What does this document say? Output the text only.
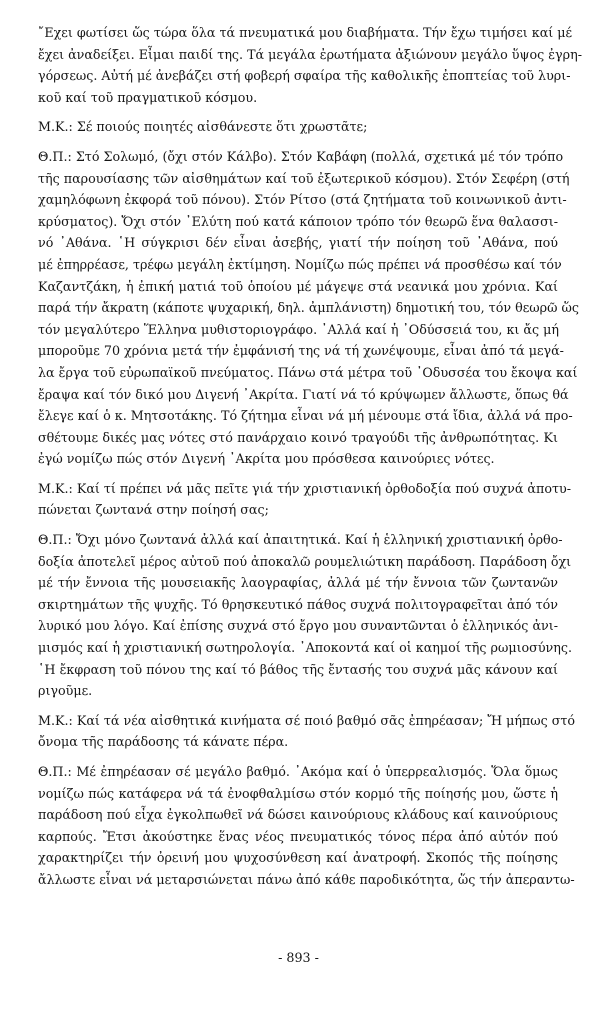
῎Εχει φωτίσει ὥς τώρα ὅλα τά πνευματικά μου διαβήματα. Τήν ἔχω τιμήσει καί μέ
ἔχει ἀναδείξει. Εἶμαι παιδί της. Τά μεγάλα ἐρωτήματα ἀξιώνουν μεγάλο ὕψος ἐγρη-
γόρσεως. Αὐτή μέ ἀνεβάζει στή φοβερή σφαίρα τῆς καθολικῆς ἐποπτείας τοῦ λυρι-
κοῦ καί τοῦ πραγματικοῦ κόσμου.
Μ.Κ.: Σέ ποιούς ποιητές αἰσθάνεστε ὅτι χρωστᾶτε;
Θ.Π.: Στό Σολωμό, (ὄχι στόν Κάλβο). Στόν Καβάφη (πολλά, σχετικά μέ τόν τρόπο
τῆς παρουσίασης τῶν αἰσθημάτων καί τοῦ ἐξωτερικοῦ κόσμου). Στόν Σεφέρη (στή
χαμηλόφωνη ἐκφορά τοῦ πόνου). Στόν Ρίτσο (στά ζητήματα τοῦ κοινωνικοῦ ἀντι-
κρύσματος). Ὄχι στόν ᾿Ελύτη πού κατά κάποιον τρόπο τόν θεωρῶ ἕνα θαλασσι-
νό ᾿Αθάνα. ῾Η σύγκρισι δέν εἶναι ἀσεβής, γιατί τήν ποίηση τοῦ ᾿Αθάνα, πού
μέ ἐπηρρέασε, τρέφω μεγάλη ἐκτίμηση. Νομίζω πώς πρέπει νά προσθέσω καί τόν
Καζαντζάκη, ἡ ἐπική ματιά τοῦ ὁποίου μέ μάγεψε στά νεανικά μου χρόνια. Καί
παρά τήν ἄκρατη (κάποτε ψυχαρική, δηλ. ἀμπλάνιστη) δημοτική του, τόν θεωρῶ ὥς
τόν μεγαλύτερο Ἕλληνα μυθιστοριογράφο. ᾿Αλλά καί ἡ ᾿Οδύσσειά του, κι ἄς μή
μποροῦμε 70 χρόνια μετά τήν ἐμφάνισή της νά τή χωνέψουμε, εἶναι ἀπό τά μεγά-
λα ἔργα τοῦ εὐρωπαϊκοῦ πνεύματος. Πάνω στά μέτρα τοῦ ᾿Οδυσσέα του ἔκοψα καί
ἔραψα καί τόν δικό μου Διγενή ᾿Ακρίτα. Γιατί νά τό κρύψωμεν ἄλλωστε, ὅπως θά
ἔλεγε καί ὁ κ. Μητσοτάκης. Τό ζήτημα εἶναι νά μή μένουμε στά ἴδια, ἀλλά νά προ-
σθέτουμε δικές μας νότες στό πανάρχαιο κοινό τραγούδι τῆς ἀνθρωπότητας. Κι
ἐγώ νομίζω πώς στόν Διγενή ᾿Ακρίτα μου πρόσθεσα καινούριες νότες.
Μ.Κ.: Καί τί πρέπει νά μᾶς πεῖτε γιά τήν χριστιανική ὀρθοδοξία πού συχνά ἀποτυ-
πώνεται ζωντανά στην ποίησή σας;
Θ.Π.: Ὄχι μόνο ζωντανά ἀλλά καί ἀπαιτητικά. Καί ἡ ἑλληνική χριστιανική ὀρθο-
δοξία ἀποτελεῖ μέρος αὐτοῦ πού ἀποκαλῶ ρουμελιώτικη παράδοση. Παράδοση ὄχι
μέ τήν ἔννοια τῆς μουσειακῆς λαογραφίας, ἀλλά μέ τήν ἔννοια τῶν ζωντανῶν
σκιρτημάτων τῆς ψυχῆς. Τό θρησκευτικό πάθος συχνά πολιτογραφεῖται ἀπό τόν
λυρικό μου λόγο. Καί ἐπίσης συχνά στό ἔργο μου συναντῶνται ὁ ἑλληνικός ἀνι-
μισμός καί ἡ χριστιανική σωτηρολογία. ᾿Αποκοντά καί οἱ καημοί τῆς ρωμιοσύνης.
῾Η ἔκφραση τοῦ πόνου της καί τό βάθος τῆς ἔντασής του συχνά μᾶς κάνουν καί
ριγοῦμε.
Μ.Κ.: Καί τά νέα αἰσθητικά κινήματα σέ ποιό βαθμό σᾶς ἐπηρέασαν; Ἤ μήπως στό
ὄνομα τῆς παράδοσης τά κάνατε πέρα.
Θ.Π.: Μέ ἐπηρέασαν σέ μεγάλο βαθμό. ᾿Ακόμα καί ὁ ὑπερρεαλισμός. Ὅλα ὅμως
νομίζω πώς κατάφερα νά τά ἐνοφθαλμίσω στόν κορμό τῆς ποίησής μου, ὥστε ἡ
παράδοση πού εἶχα ἐγκολπωθεῖ νά δώσει καινούριους κλάδους καί καινούριους
καρπούς. Ἔτσι ἀκούστηκε ἕνας νέος πνευματικός τόνος πέρα ἀπό αὐτόν πού
χαρακτηρίζει τήν ὀρεινή μου ψυχοσύνθεση καί ἀνατροφή. Σκοπός τῆς ποίησης
ἄλλωστε εἶναι νά μεταρσιώνεται πάνω ἀπό κάθε παροδικότητα, ὥς τήν ἀπεραντω-
- 893 -
